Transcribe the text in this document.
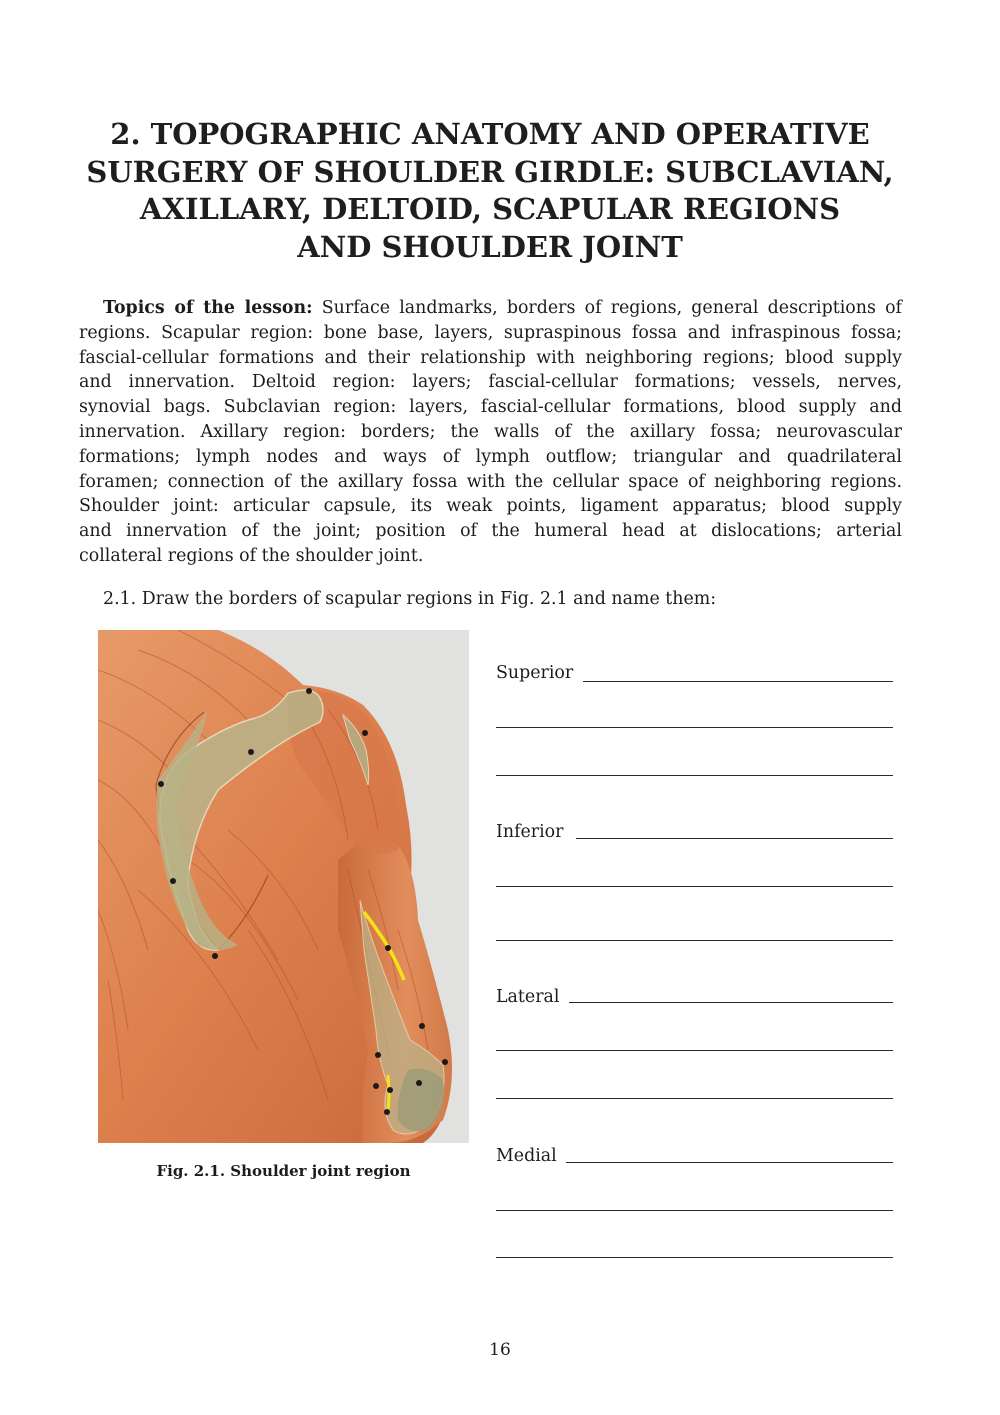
2. TOPOGRAPHIC ANATOMY AND OPERATIVE
SURGERY OF SHOULDER GIRDLE: SUBCLAVIAN,
AXILLARY, DELTOID, SCAPULAR REGIONS
AND SHOULDER JOINT
Topics of the lesson: Surface landmarks, borders of regions, general descriptions of
regions. Scapular region: bone base, layers, supraspinous fossa and infraspinous fossa;
fascial-cellular formations and their relationship with neighboring regions; blood supply
and innervation. Deltoid region: layers; fascial-cellular formations; vessels, nerves,
synovial bags. Subclavian region: layers, fascial-cellular formations, blood supply and
innervation. Axillary region: borders; the walls of the axillary fossa; neurovascular
formations; lymph nodes and ways of lymph outflow; triangular and quadrilateral
foramen; connection of the axillary fossa with the cellular space of neighboring regions.
Shoulder joint: articular capsule, its weak points, ligament apparatus; blood supply
and innervation of the joint; position of the humeral head at dislocations; arterial
collateral regions of the shoulder joint.
2.1. Draw the borders of scapular regions in Fig. 2.1 and name them:
Fig. 2.1. Shoulder joint region
Superior
Inferior
Lateral
Medial
16
